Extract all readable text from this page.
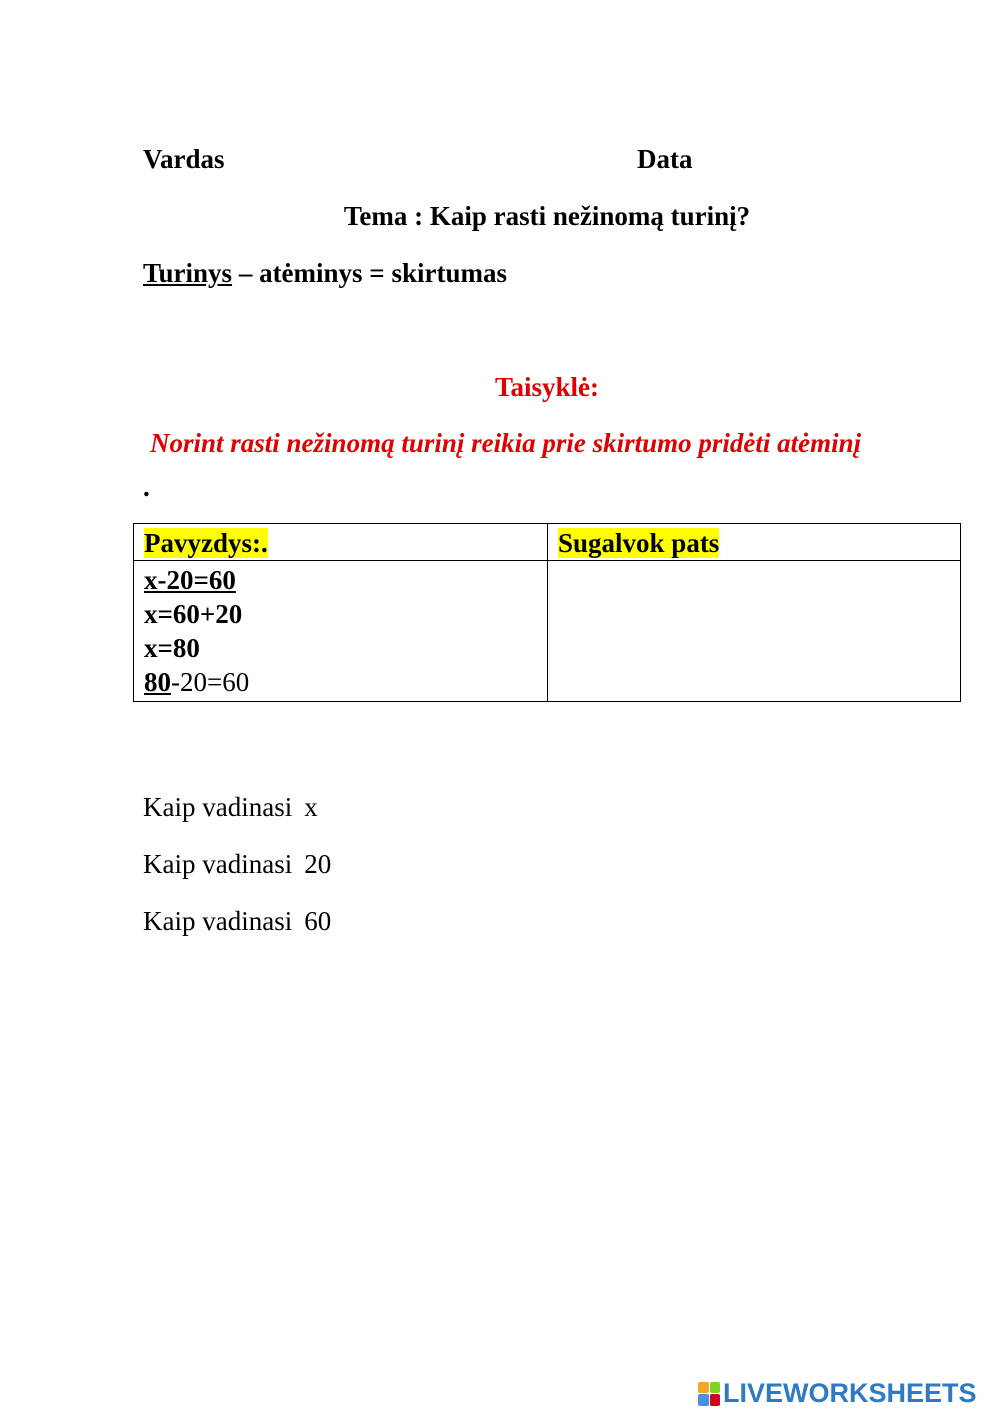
Vardas	Data
Tema : Kaip rasti nežinomą turinį?
Turinys – atėminys = skirtumas
Taisyklė:
Norint rasti nežinomą turinį reikia prie skirtumo pridėti atėminį
.
Pavyzdys:.	Sugalvok pats

x-20=60
x=60+20
x=80
80-20=60	

Kaip vadinasi x
Kaip vadinasi 20
Kaip vadinasi 60
LIVEWORKSHEETS
